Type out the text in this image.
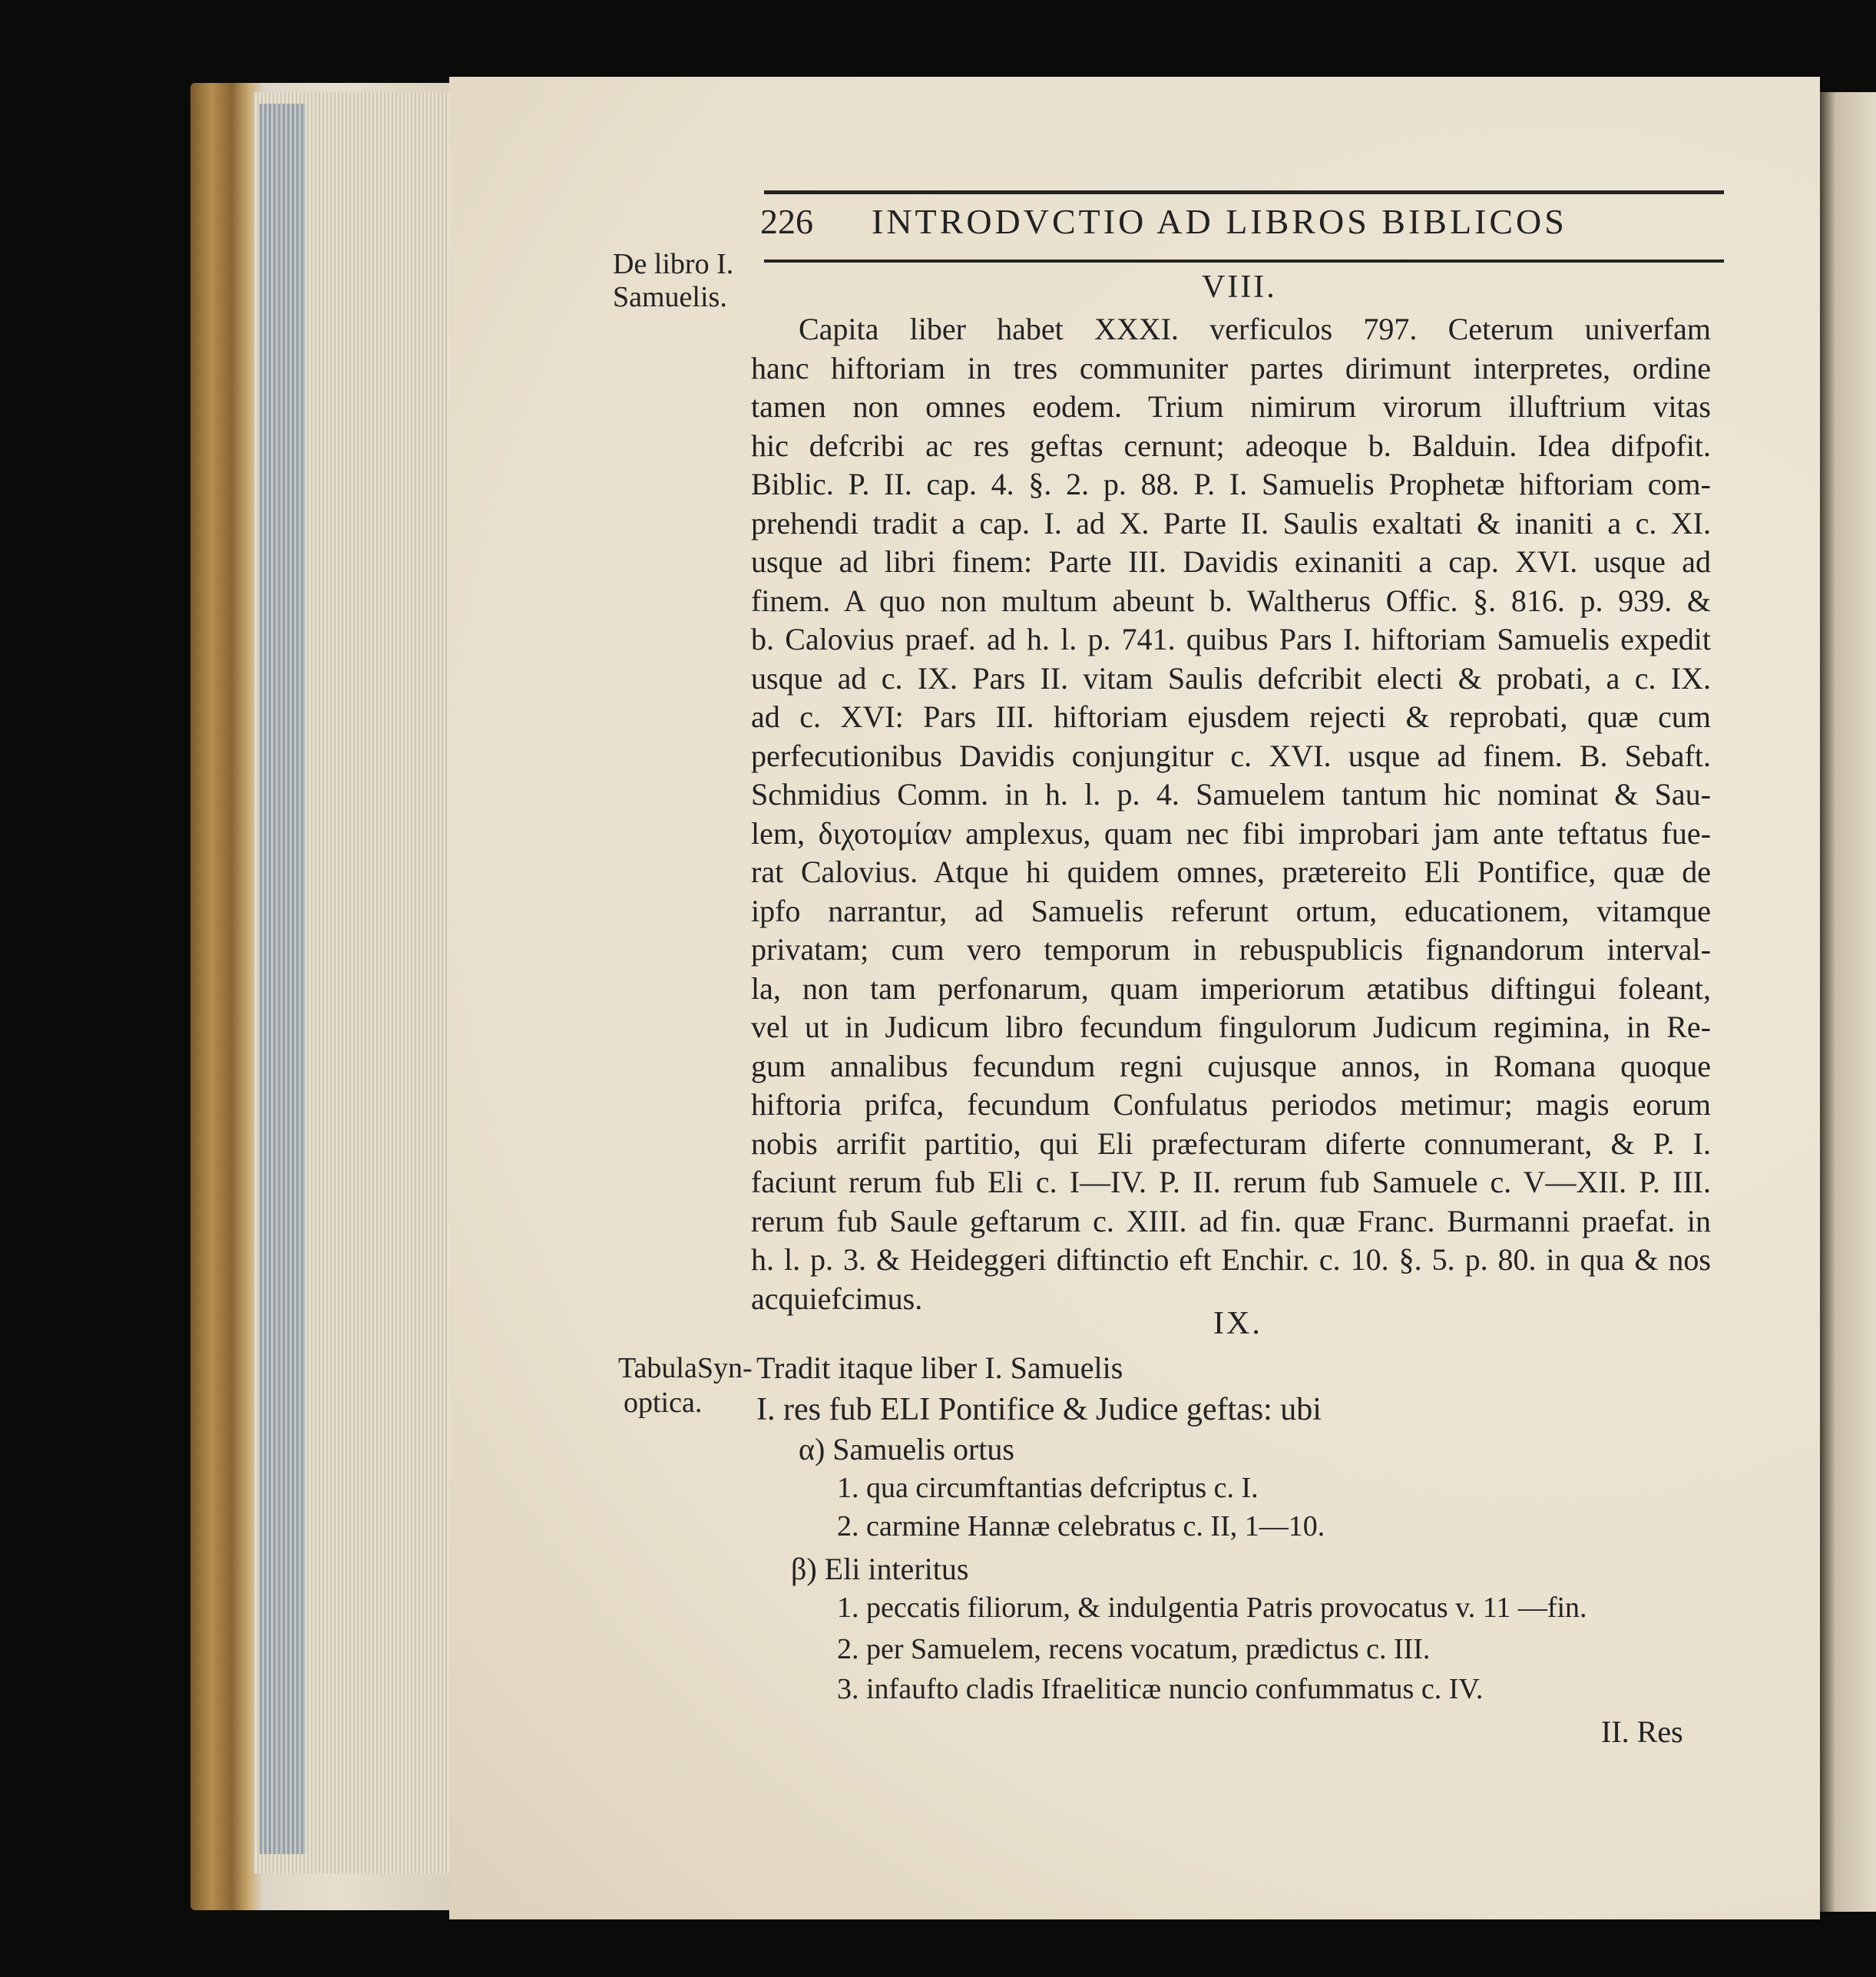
226 INTRODVCTIO AD LIBROS BIBLICOS
De libro I.
Samuelis.	VIII.
Capita liber habet XXXI. verficulos 797. Ceterum univerfam
hanc hiftoriam in tres communiter partes dirimunt interpretes, ordine
tamen non omnes eodem. Trium nimirum virorum illuftrium vitas
hic defcribi ac res geftas cernunt; adeoque b. Balduin. Idea difpofit.
Biblic. P. II. cap. 4. §. 2. p. 88. P. I. Samuelis Prophetæ hiftoriam com-
prehendi tradit a cap. I. ad X. Parte II. Saulis exaltati & inaniti a c. XI.
usque ad libri finem: Parte III. Davidis exinaniti a cap. XVI. usque ad
finem. A quo non multum abeunt b. Waltherus Offic. §. 816. p. 939. &
b. Calovius praef. ad h. l. p. 741. quibus Pars I. hiftoriam Samuelis expedit
usque ad c. IX. Pars II. vitam Saulis defcribit electi & probati, a c. IX.
ad c. XVI: Pars III. hiftoriam ejusdem rejecti & reprobati, quæ cum
perfecutionibus Davidis conjungitur c. XVI. usque ad finem. B. Sebaft.
Schmidius Comm. in h. l. p. 4. Samuelem tantum hic nominat & Sau-
lem, διχοτομίαν amplexus, quam nec fibi improbari jam ante teftatus fue-
rat Calovius. Atque hi quidem omnes, prætereito Eli Pontifice, quæ de
ipfo narrantur, ad Samuelis referunt ortum, educationem, vitamque
privatam; cum vero temporum in rebuspublicis fignandorum interval-
la, non tam perfonarum, quam imperiorum ætatibus diftingui foleant,
vel ut in Judicum libro fecundum fingulorum Judicum regimina, in Re-
gum annalibus fecundum regni cujusque annos, in Romana quoque
hiftoria prifca, fecundum Confulatus periodos metimur; magis eorum
nobis arrifit partitio, qui Eli præfecturam diferte connumerant, & P. I.
faciunt rerum fub Eli c. I—IV. P. II. rerum fub Samuele c. V—XII. P. III.
rerum fub Saule geftarum c. XIII. ad fin. quæ Franc. Burmanni praefat. in
h. l. p. 3. & Heideggeri diftinctio eft Enchir. c. 10. §. 5. p. 80. in qua & nos
acquiefcimus.
IX.
TabulaSyn-
optica.
Tradit itaque liber I. Samuelis
I. res fub ELI Pontifice & Judice geftas: ubi
α) Samuelis ortus
1. qua circumftantias defcriptus c. I.
2. carmine Hannæ celebratus c. II, 1—10.
β) Eli interitus
1. peccatis filiorum, & indulgentia Patris provocatus v. 11 —fin.
2. per Samuelem, recens vocatum, prædictus c. III.
3. infaufto cladis Ifraeliticæ nuncio confummatus c. IV.
II. Res
